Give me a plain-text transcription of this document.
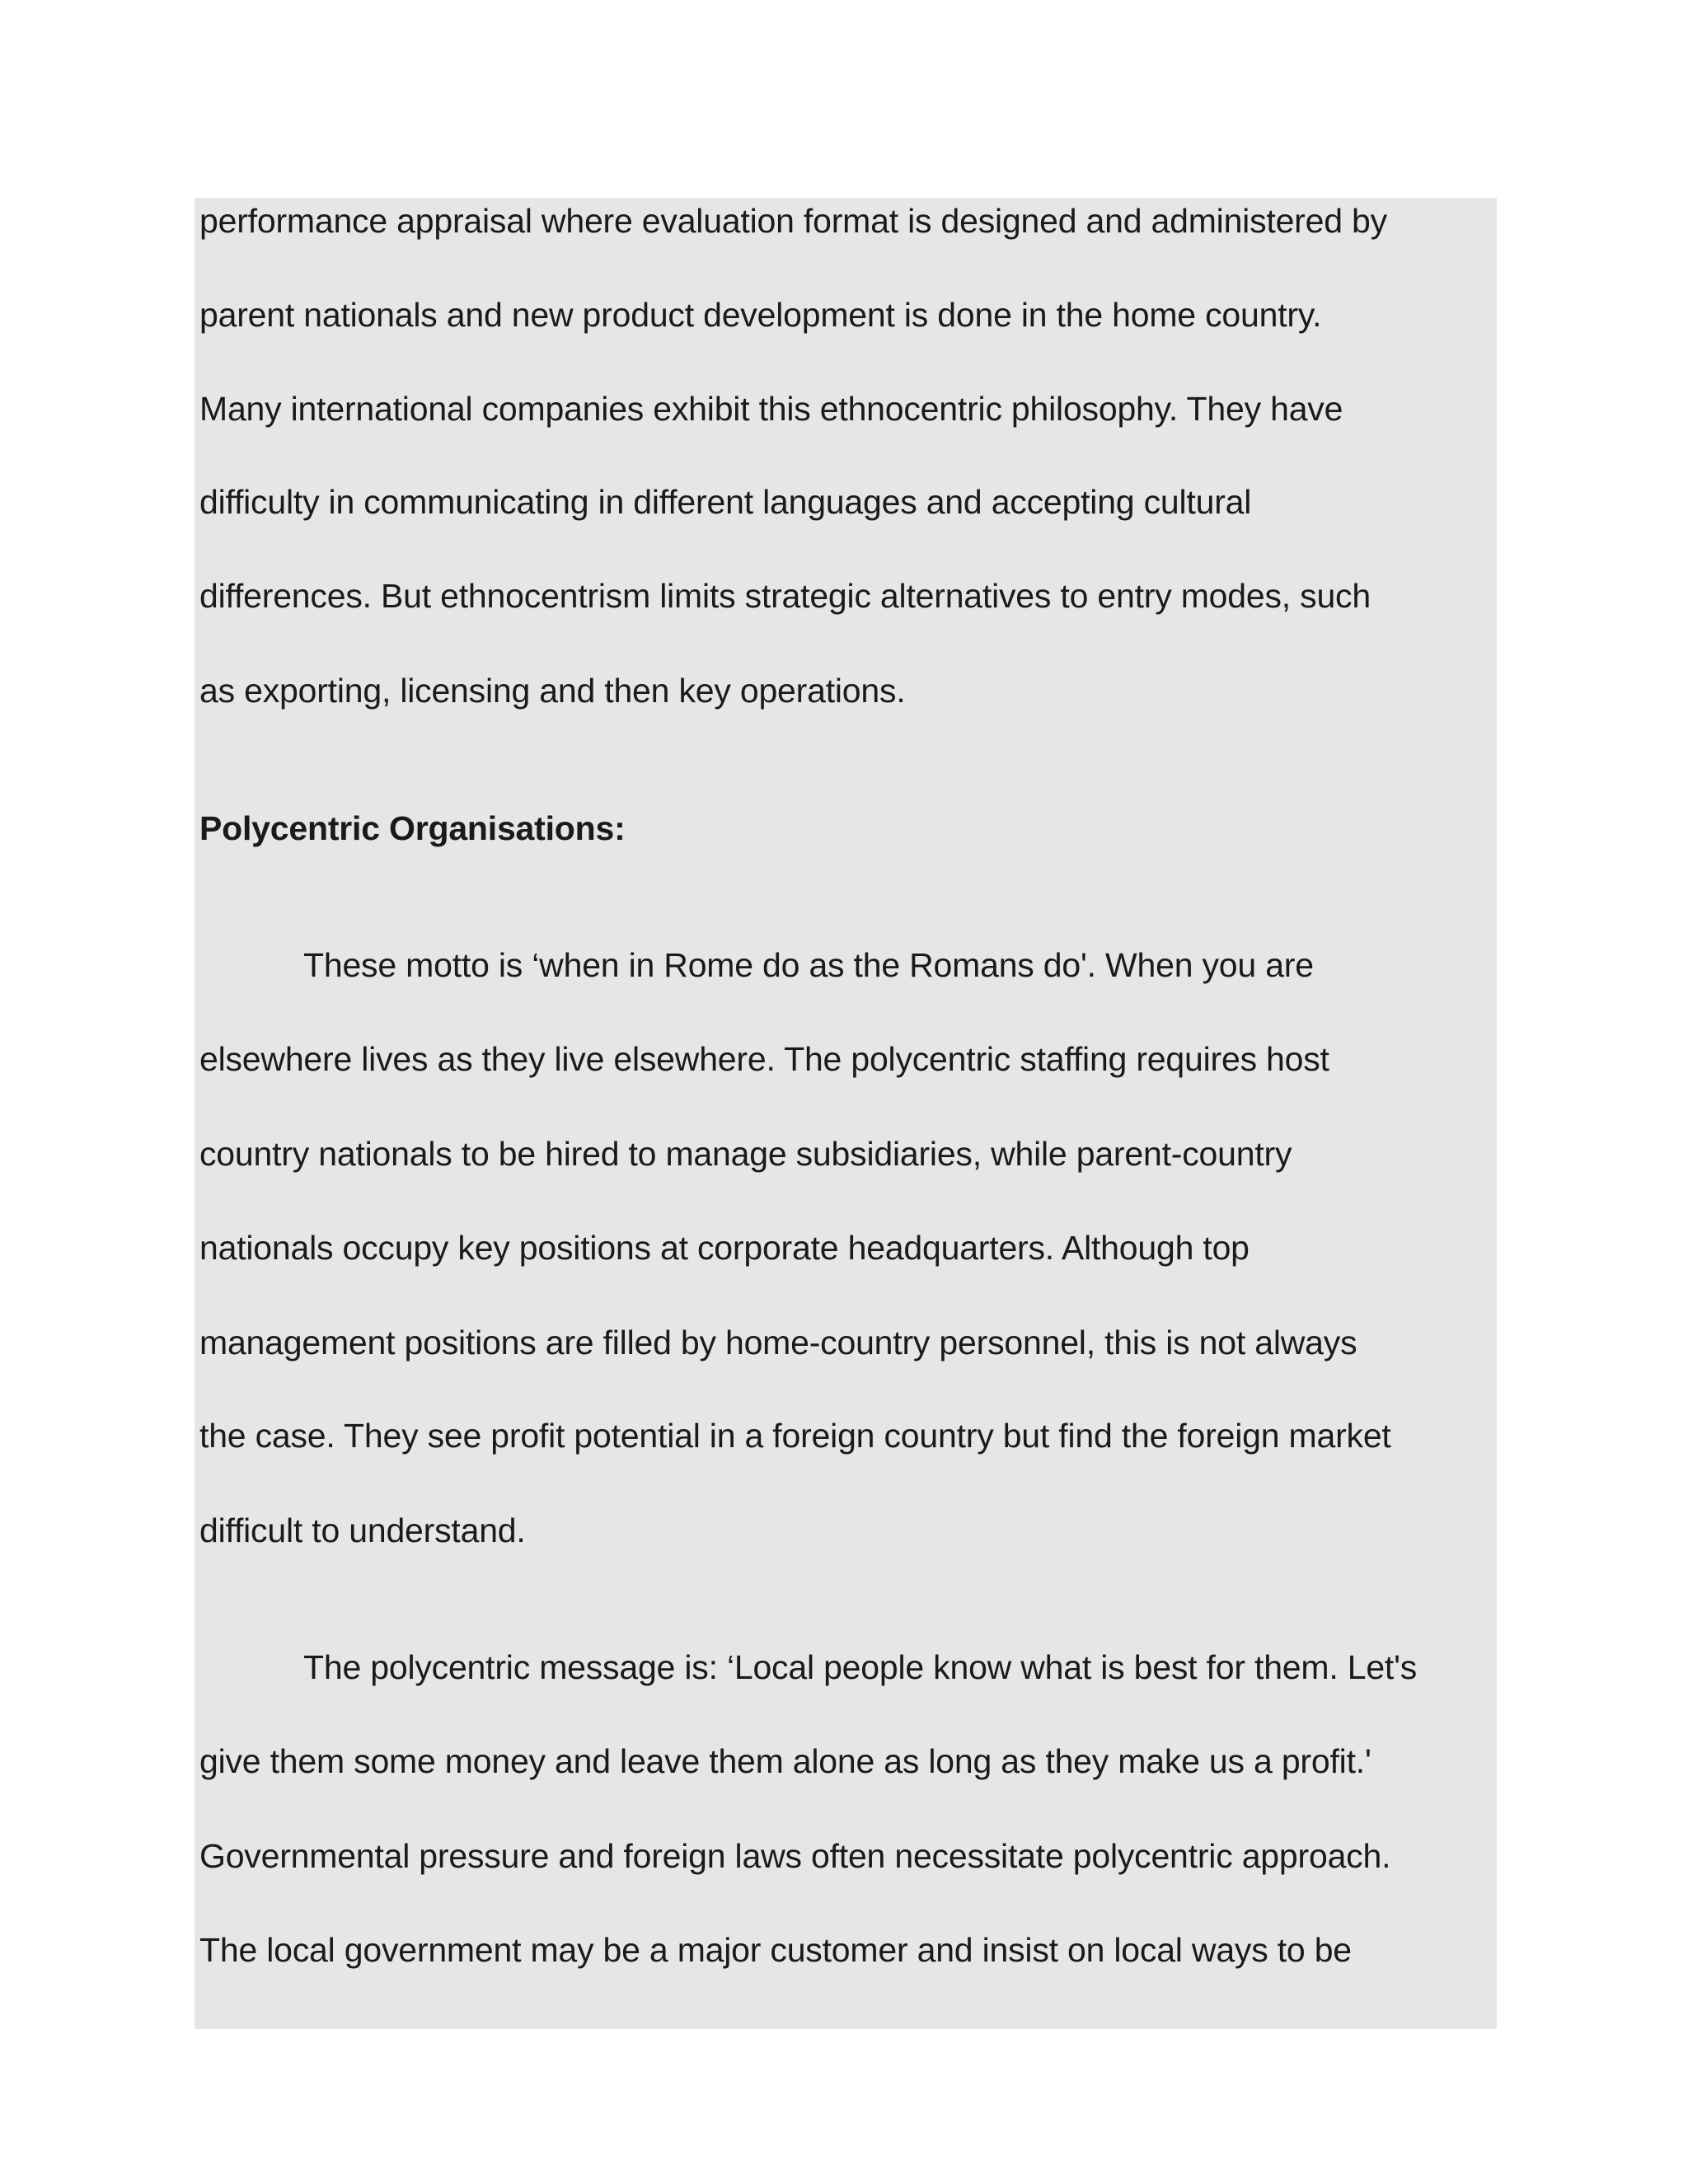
performance appraisal where evaluation format is designed and administered by
parent nationals and new product development is done in the home country.
Many international companies exhibit this ethnocentric philosophy. They have
difficulty in communicating in different languages and accepting cultural
differences. But ethnocentrism limits strategic alternatives to entry modes, such
as exporting, licensing and then key operations.
Polycentric Organisations:
These motto is ‘when in Rome do as the Romans do'. When you are
elsewhere lives as they live elsewhere. The polycentric staffing requires host
country nationals to be hired to manage subsidiaries, while parent-country
nationals occupy key positions at corporate headquarters. Although top
management positions are filled by home-country personnel, this is not always
the case. They see profit potential in a foreign country but find the foreign market
difficult to understand.
The polycentric message is: ‘Local people know what is best for them. Let's
give them some money and leave them alone as long as they make us a profit.'
Governmental pressure and foreign laws often necessitate polycentric approach.
The local government may be a major customer and insist on local ways to be
